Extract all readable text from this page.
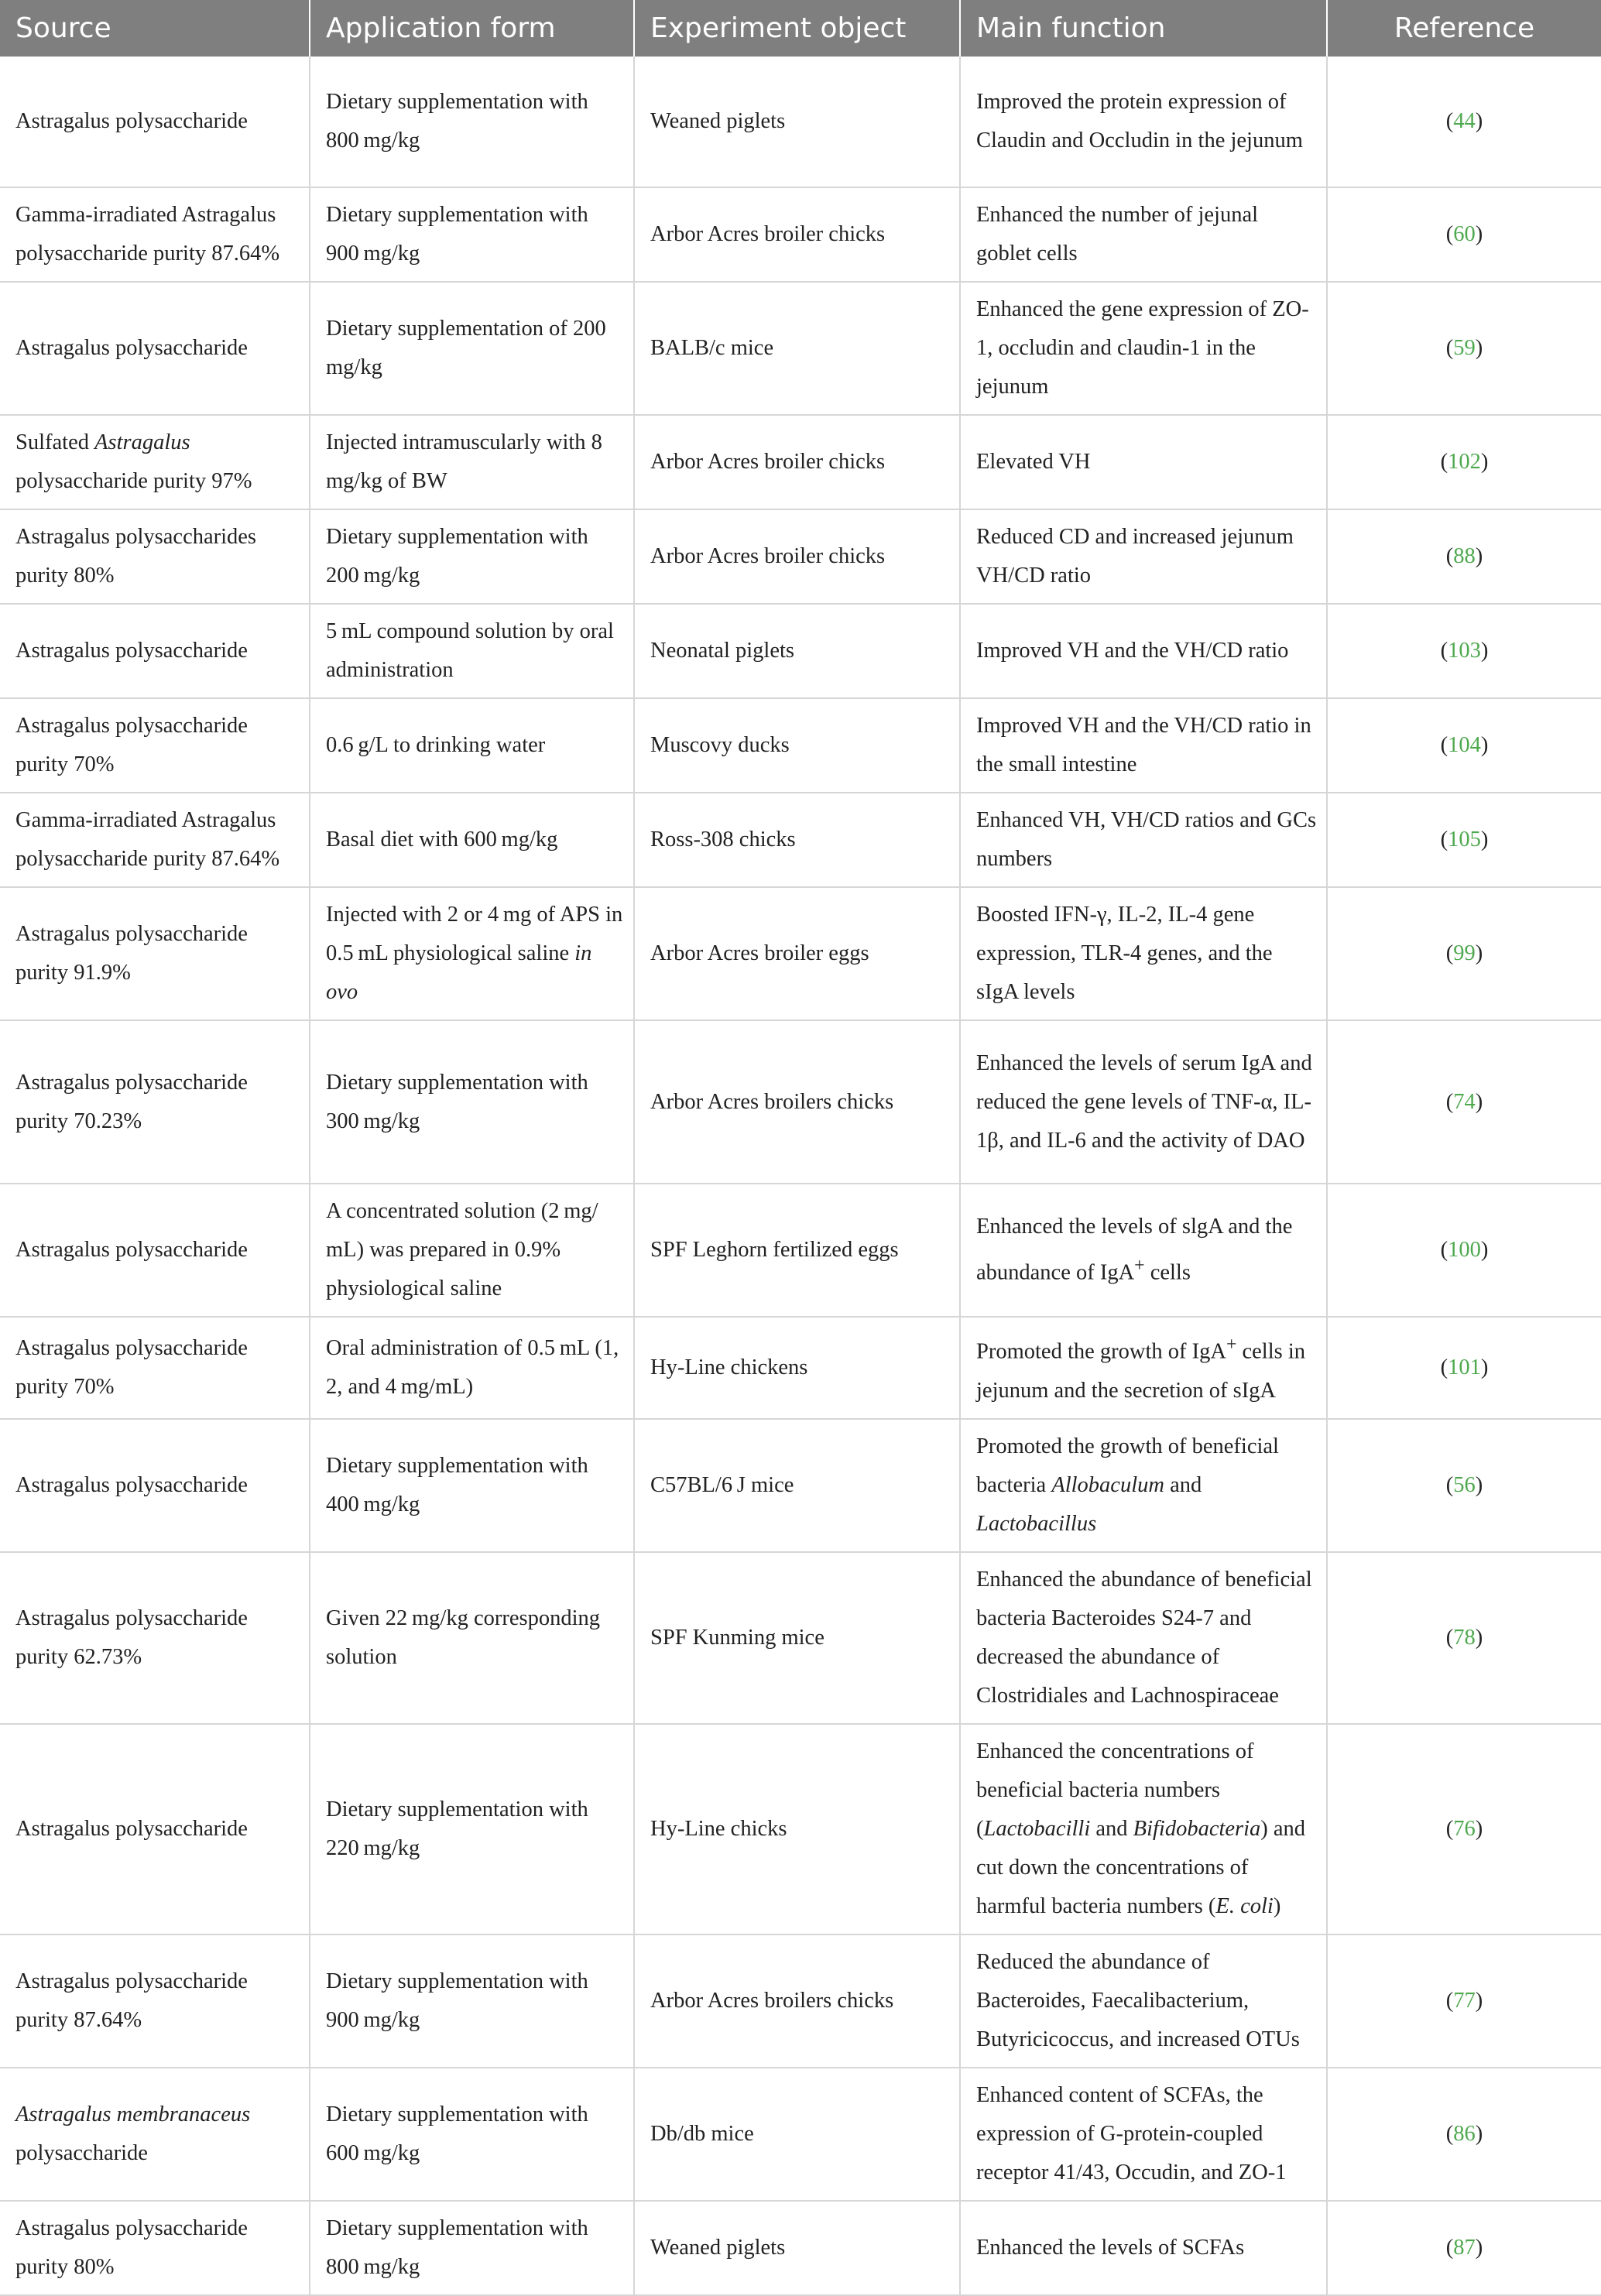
Source	Application form	Experiment object	Main function	Reference
Astragalus polysaccharide	Dietary supplementation with 800 mg/kg	Weaned piglets	Improved the protein expression of Claudin and Occludin in the jejunum	(44)
Gamma-irradiated Astragalus polysaccharide purity 87.64%	Dietary supplementation with 900 mg/kg	Arbor Acres broiler chicks	Enhanced the number of jejunal goblet cells	(60)
Astragalus polysaccharide	Dietary supplementation of 200 mg/kg	BALB/c mice	Enhanced the gene expression of ZO-1, occludin and claudin-1 in the jejunum	(59)
Sulfated Astragalus polysaccharide purity 97%	Injected intramuscularly with 8 mg/kg of BW	Arbor Acres broiler chicks	Elevated VH	(102)
Astragalus polysaccharides purity 80%	Dietary supplementation with 200 mg/kg	Arbor Acres broiler chicks	Reduced CD and increased jejunum VH/CD ratio	(88)
Astragalus polysaccharide	5 mL compound solution by oral administration	Neonatal piglets	Improved VH and the VH/CD ratio	(103)
Astragalus polysaccharide purity 70%	0.6 g/L to drinking water	Muscovy ducks	Improved VH and the VH/CD ratio in the small intestine	(104)
Gamma-irradiated Astragalus polysaccharide purity 87.64%	Basal diet with 600 mg/kg	Ross-308 chicks	Enhanced VH, VH/CD ratios and GCs numbers	(105)
Astragalus polysaccharide purity 91.9%	Injected with 2 or 4 mg of APS in 0.5 mL physiological saline in ovo	Arbor Acres broiler eggs	Boosted IFN-γ, IL-2, IL-4 gene expression, TLR-4 genes, and the sIgA levels	(99)
Astragalus polysaccharide purity 70.23%	Dietary supplementation with 300 mg/kg	Arbor Acres broilers chicks	Enhanced the levels of serum IgA and reduced the gene levels of TNF-α, IL-1β, and IL-6 and the activity of DAO	(74)
Astragalus polysaccharide	A concentrated solution (2 mg/ mL) was prepared in 0.9% physiological saline	SPF Leghorn fertilized eggs	Enhanced the levels of slgA and the abundance of IgA+ cells	(100)
Astragalus polysaccharide purity 70%	Oral administration of 0.5 mL (1, 2, and 4 mg/mL)	Hy-Line chickens	Promoted the growth of IgA+ cells in jejunum and the secretion of sIgA	(101)
Astragalus polysaccharide	Dietary supplementation with 400 mg/kg	C57BL/6 J mice	Promoted the growth of beneficial bacteria Allobaculum and Lactobacillus	(56)
Astragalus polysaccharide purity 62.73%	Given 22 mg/kg corresponding solution	SPF Kunming mice	Enhanced the abundance of beneficial bacteria Bacteroides S24-7 and decreased the abundance of Clostridiales and Lachnospiraceae	(78)
Astragalus polysaccharide	Dietary supplementation with 220 mg/kg	Hy-Line chicks	Enhanced the concentrations of beneficial bacteria numbers (Lactobacilli and Bifidobacteria) and cut down the concentrations of harmful bacteria numbers (E. coli)	(76)
Astragalus polysaccharide purity 87.64%	Dietary supplementation with 900 mg/kg	Arbor Acres broilers chicks	Reduced the abundance of Bacteroides, Faecalibacterium, Butyricicoccus, and increased OTUs	(77)
Astragalus membranaceus polysaccharide	Dietary supplementation with 600 mg/kg	Db/db mice	Enhanced content of SCFAs, the expression of G-protein-coupled receptor 41/43, Occudin, and ZO-1	(86)
Astragalus polysaccharide purity 80%	Dietary supplementation with 800 mg/kg	Weaned piglets	Enhanced the levels of SCFAs	(87)
